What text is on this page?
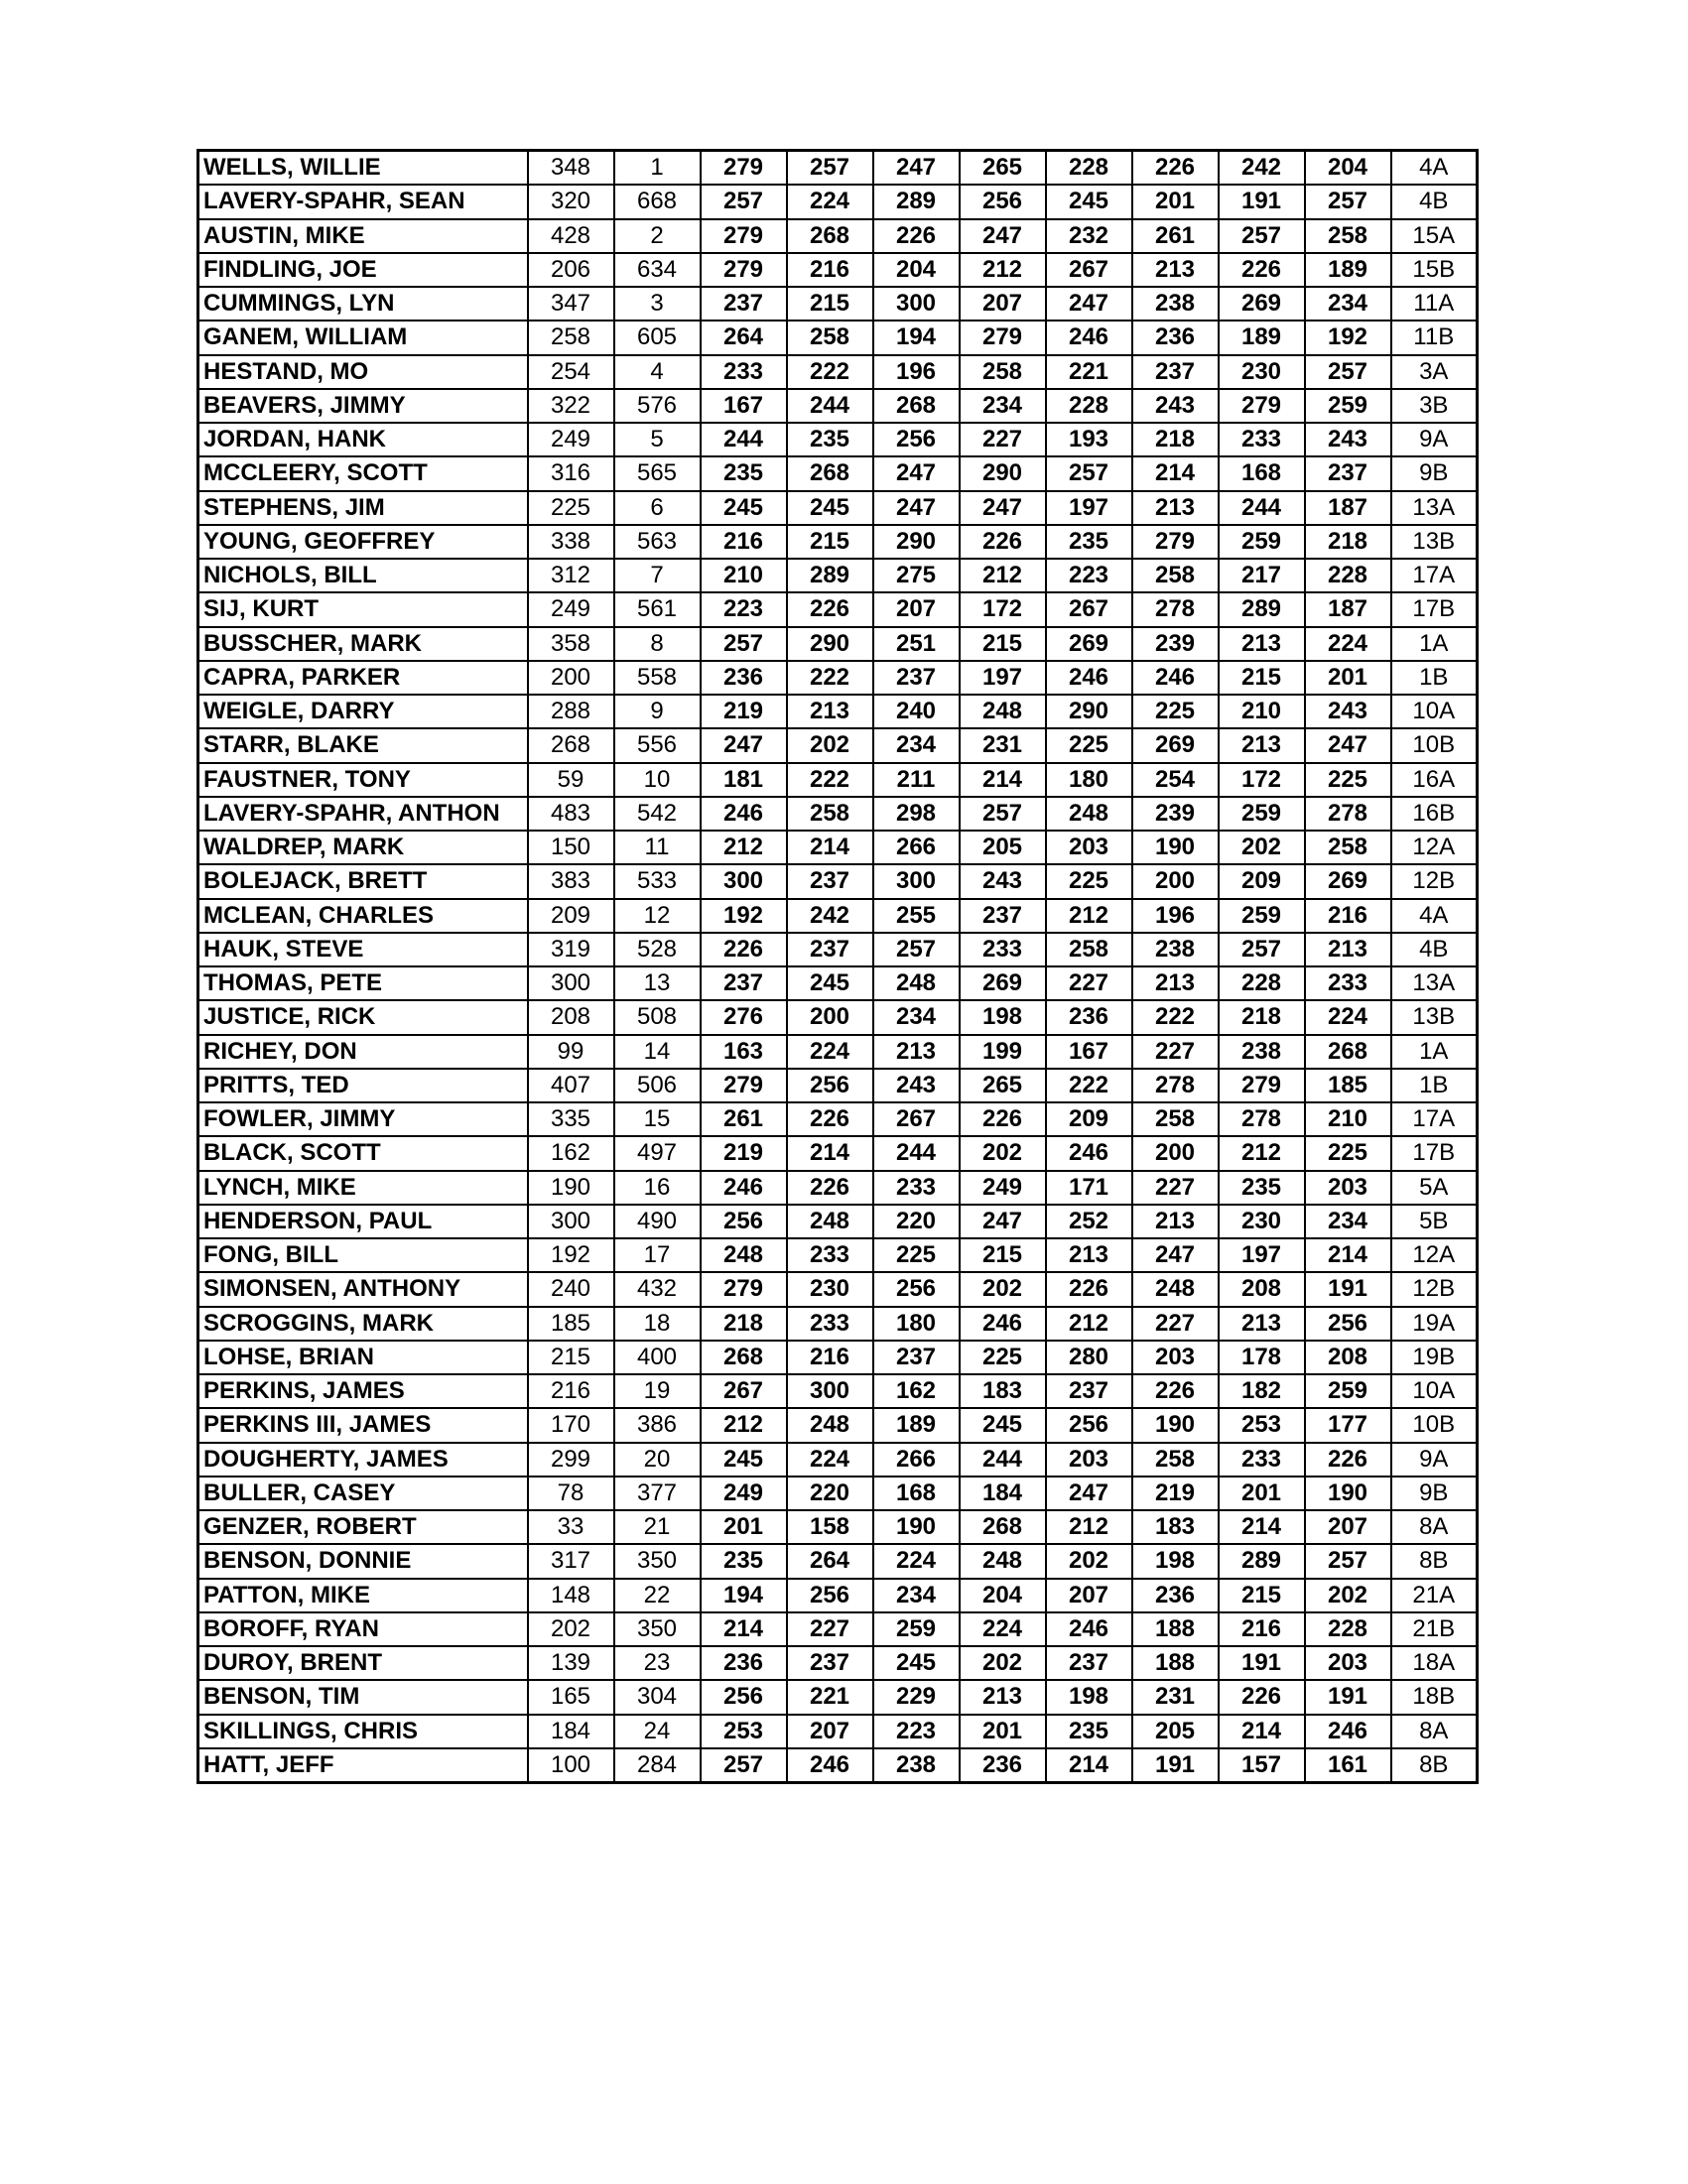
WELLS, WILLIE	348	1	279	257	247	265	228	226	242	204	4A
LAVERY-SPAHR, SEAN	320	668	257	224	289	256	245	201	191	257	4B
AUSTIN, MIKE	428	2	279	268	226	247	232	261	257	258	15A
FINDLING, JOE	206	634	279	216	204	212	267	213	226	189	15B
CUMMINGS, LYN	347	3	237	215	300	207	247	238	269	234	11A
GANEM, WILLIAM	258	605	264	258	194	279	246	236	189	192	11B
HESTAND, MO	254	4	233	222	196	258	221	237	230	257	3A
BEAVERS, JIMMY	322	576	167	244	268	234	228	243	279	259	3B
JORDAN, HANK	249	5	244	235	256	227	193	218	233	243	9A
MCCLEERY, SCOTT	316	565	235	268	247	290	257	214	168	237	9B
STEPHENS, JIM	225	6	245	245	247	247	197	213	244	187	13A
YOUNG, GEOFFREY	338	563	216	215	290	226	235	279	259	218	13B
NICHOLS, BILL	312	7	210	289	275	212	223	258	217	228	17A
SIJ, KURT	249	561	223	226	207	172	267	278	289	187	17B
BUSSCHER, MARK	358	8	257	290	251	215	269	239	213	224	1A
CAPRA, PARKER	200	558	236	222	237	197	246	246	215	201	1B
WEIGLE, DARRY	288	9	219	213	240	248	290	225	210	243	10A
STARR, BLAKE	268	556	247	202	234	231	225	269	213	247	10B
FAUSTNER, TONY	59	10	181	222	211	214	180	254	172	225	16A
LAVERY-SPAHR, ANTHON	483	542	246	258	298	257	248	239	259	278	16B
WALDREP, MARK	150	11	212	214	266	205	203	190	202	258	12A
BOLEJACK, BRETT	383	533	300	237	300	243	225	200	209	269	12B
MCLEAN, CHARLES	209	12	192	242	255	237	212	196	259	216	4A
HAUK, STEVE	319	528	226	237	257	233	258	238	257	213	4B
THOMAS, PETE	300	13	237	245	248	269	227	213	228	233	13A
JUSTICE, RICK	208	508	276	200	234	198	236	222	218	224	13B
RICHEY, DON	99	14	163	224	213	199	167	227	238	268	1A
PRITTS, TED	407	506	279	256	243	265	222	278	279	185	1B
FOWLER, JIMMY	335	15	261	226	267	226	209	258	278	210	17A
BLACK, SCOTT	162	497	219	214	244	202	246	200	212	225	17B
LYNCH, MIKE	190	16	246	226	233	249	171	227	235	203	5A
HENDERSON, PAUL	300	490	256	248	220	247	252	213	230	234	5B
FONG, BILL	192	17	248	233	225	215	213	247	197	214	12A
SIMONSEN, ANTHONY	240	432	279	230	256	202	226	248	208	191	12B
SCROGGINS, MARK	185	18	218	233	180	246	212	227	213	256	19A
LOHSE, BRIAN	215	400	268	216	237	225	280	203	178	208	19B
PERKINS, JAMES	216	19	267	300	162	183	237	226	182	259	10A
PERKINS III, JAMES	170	386	212	248	189	245	256	190	253	177	10B
DOUGHERTY, JAMES	299	20	245	224	266	244	203	258	233	226	9A
BULLER, CASEY	78	377	249	220	168	184	247	219	201	190	9B
GENZER, ROBERT	33	21	201	158	190	268	212	183	214	207	8A
BENSON, DONNIE	317	350	235	264	224	248	202	198	289	257	8B
PATTON, MIKE	148	22	194	256	234	204	207	236	215	202	21A
BOROFF, RYAN	202	350	214	227	259	224	246	188	216	228	21B
DUROY, BRENT	139	23	236	237	245	202	237	188	191	203	18A
BENSON, TIM	165	304	256	221	229	213	198	231	226	191	18B
SKILLINGS, CHRIS	184	24	253	207	223	201	235	205	214	246	8A
HATT, JEFF	100	284	257	246	238	236	214	191	157	161	8B
